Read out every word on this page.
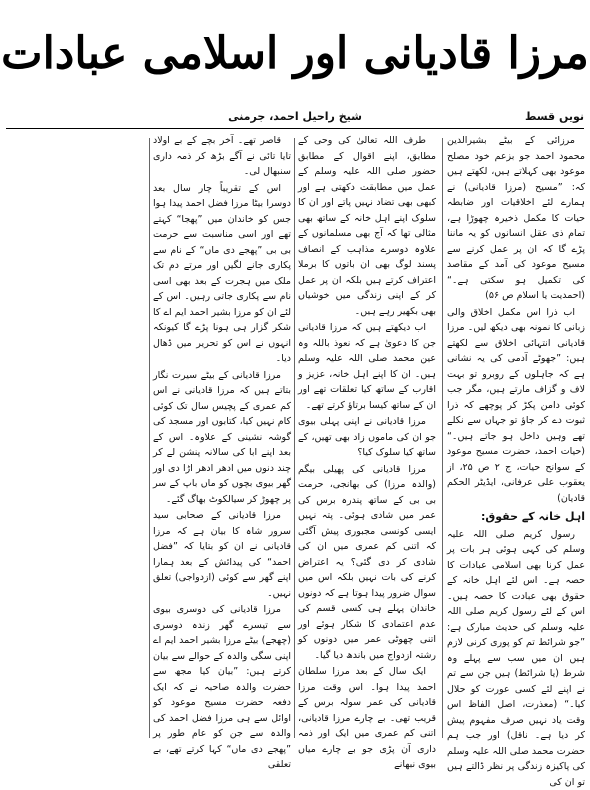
مرزا قادیانی اور اسلامی عبادات
نویں قسط
شیخ راحیل احمد، جرمنی

مرزائی کے بیٹے بشیرالدین محمود احمد جو بزعم خود مصلح موعود بھی کہلاتے ہیں، لکھتے ہیں کہ: ”مسیح (مرزا قادیانی) نے ہمارے لئے اخلاقیات اور ضابطہ حیات کا مکمل ذخیرہ چھوڑا ہے، تمام ذی عقل انسانوں کو یہ ماننا پڑے گا کہ ان پر عمل کرنے سے مسیح موعود کی آمد کے مقاصد کی تکمیل ہو سکتی ہے۔“ (احمدیت یا اسلام ص ۵۶)

اب ذرا اس مکمل اخلاق والی زبانی کا نمونہ بھی دیکھ لیں۔ مرزا قادیانی انتہائی اخلاق سے لکھتے ہیں: ”جھوٹے آدمی کی یہ نشانی ہے کہ جاہلوں کے روبرو تو بہت لاف و گزاف مارتے ہیں، مگر جب کوئی دامن پکڑ کر پوچھے کہ ذرا ثبوت دے کر جاؤ تو جہاں سے نکلے تھے وہیں داخل ہو جاتے ہیں۔“ (حیات احمد، حضرت مسیح موعود کے سوانح حیات، ج ۲ ص ۲۵، از یعقوب علی عرفانی، ایڈیٹر الحکم قادیان)

اہل خانہ کے حقوق:

رسول کریم صلی اللہ علیہ وسلم کی کہی ہوئی ہر بات پر عمل کرنا بھی اسلامی عبادات کا حصہ ہے۔ اس لئے اہل خانہ کے حقوق بھی عبادت کا حصہ ہیں۔ اس کے لئے رسول کریم صلی اللہ علیہ وسلم کی حدیث مبارک ہے: ”جو شرائط تم کو پوری کرنی لازم ہیں ان میں سب سے پہلے وہ شرط (یا شرائط) ہیں جن سے تم نے اپنے لئے کسی عورت کو حلال کیا۔“ (معذرت، اصل الفاظ اس وقت یاد نہیں صرف مفہوم پیش کر دیا ہے۔ ناقل) اور جب ہم حضرت محمد صلی اللہ علیہ وسلم کی پاکیزہ زندگی پر نظر ڈالتے ہیں تو ان کی

طرف اللہ تعالیٰ کی وحی کے مطابق، اپنے اقوال کے مطابق حضور صلی اللہ علیہ وسلم کے عمل میں مطابقت دکھتی ہے اور کبھی بھی تضاد نہیں پاتے اور ان کا سلوک اپنے اہل خانہ کے ساتھ بھی مثالی تھا کہ آج بھی مسلمانوں کے علاوہ دوسرے مذاہب کے انصاف پسند لوگ بھی ان باتوں کا برملا اعتراف کرتے ہیں بلکہ ان پر عمل کر کے اپنی زندگی میں خوشیاں بھی بکھیر رہے ہیں۔

اب دیکھتے ہیں کہ مرزا قادیانی جن کا دعویٰ ہے کہ نعوذ باللہ وہ عین محمد صلی اللہ علیہ وسلم ہیں۔ ان کا اپنے اہل خانہ، عزیز و اقارب کے ساتھ کیا تعلقات تھے اور ان کے ساتھ کیسا برتاؤ کرتے تھے۔

مرزا قادیانی نے اپنی پہلی بیوی جو ان کی ماموں زاد بھی تھیں، کے ساتھ کیا سلوک کیا؟

مرزا قادیانی کی پھیلی بیگم (والدہ مرزا) کی بھانجی، حرمت بی بی کے ساتھ پندرہ برس کی عمر میں شادی ہوئی۔ پتہ نہیں ایسی کونسی مجبوری پیش آگئی کہ اتنی کم عمری میں ان کی شادی کر دی گئی؟ یہ اعتراض کرنے کی بات نہیں بلکہ اس میں سوال ضرور پیدا ہوتا ہے کہ دونوں خاندان پہلے ہی کسی قسم کی عدم اعتمادی کا شکار ہوئے اور اتنی چھوٹی عمر میں دونوں کو رشتہ ازدواج میں باندھ دیا گیا۔

ایک سال کے بعد مرزا سلطان احمد پیدا ہوا۔ اس وقت مرزا قادیانی کی عمر سولہ برس کے قریب تھی۔ بے چارے مرزا قادیانی، اتنی کم عمری میں ایک اور ذمہ داری آن پڑی جو بے چارے میاں بیوی نبھانے

قاصر تھے۔ آخر بچے کے بے اولاد تایا تائی نے آگے بڑھ کر ذمہ داری سنبھال لی۔

اس کے تقریباً چار سال بعد دوسرا بیٹا مرزا فضل احمد پیدا ہوا جس کو خاندان میں ”پھجا“ کہتے تھے اور اسی مناسبت سے حرمت بی بی ”پھجے دی ماں“ کے نام سے پکاری جانے لگیں اور مرتے دم تک ملک میں ہجرت کے بعد بھی اسی نام سے پکاری جاتی رہیں۔ اس کے لئے ان کو مرزا بشیر احمد ایم اے کا شکر گزار ہی ہونا پڑے گا کیونکہ انہوں نے اس کو تحریر میں ڈھال دیا۔

مرزا قادیانی کے بیٹے سیرت نگار بتاتے ہیں کہ مرزا قادیانی نے اس کم عمری کے پچیس سال تک کوئی کام نہیں کیا، کتابوں اور مسجد کی گوشہ نشینی کے علاوہ۔ اس کے بعد اپنے ابا کی سالانہ پنشن لے کر چند دنوں میں ادھر ادھر اڑا دی اور گھر بیوی بچوں کو ماں باپ کے سر پر چھوڑ کر سیالکوٹ بھاگ گئے۔

مرزا قادیانی کے صحابی سید سرور شاہ کا بیان ہے کہ مرزا قادیانی نے ان کو بتایا کہ ”فضل احمد“ کی پیدائش کے بعد ہمارا اپنے گھر سے کوئی (ازدواجی) تعلق نہیں۔

مرزا قادیانی کی دوسری بیوی سے تیسرے گھر زندہ دوسری (چھجے) بیٹے مرزا بشیر احمد ایم اے اپنی سگی والدہ کے حوالے سے بیان کرتے ہیں: ”بیان کیا مجھ سے حضرت والدہ صاحبہ نے کہ ایک دفعہ حضرت مسیح موعود کو اوائل سے ہی مرزا فضل احمد کی والدہ سے جن کو عام طور پر ”پھجے دی ماں“ کہا کرتے تھے، بے تعلقی
